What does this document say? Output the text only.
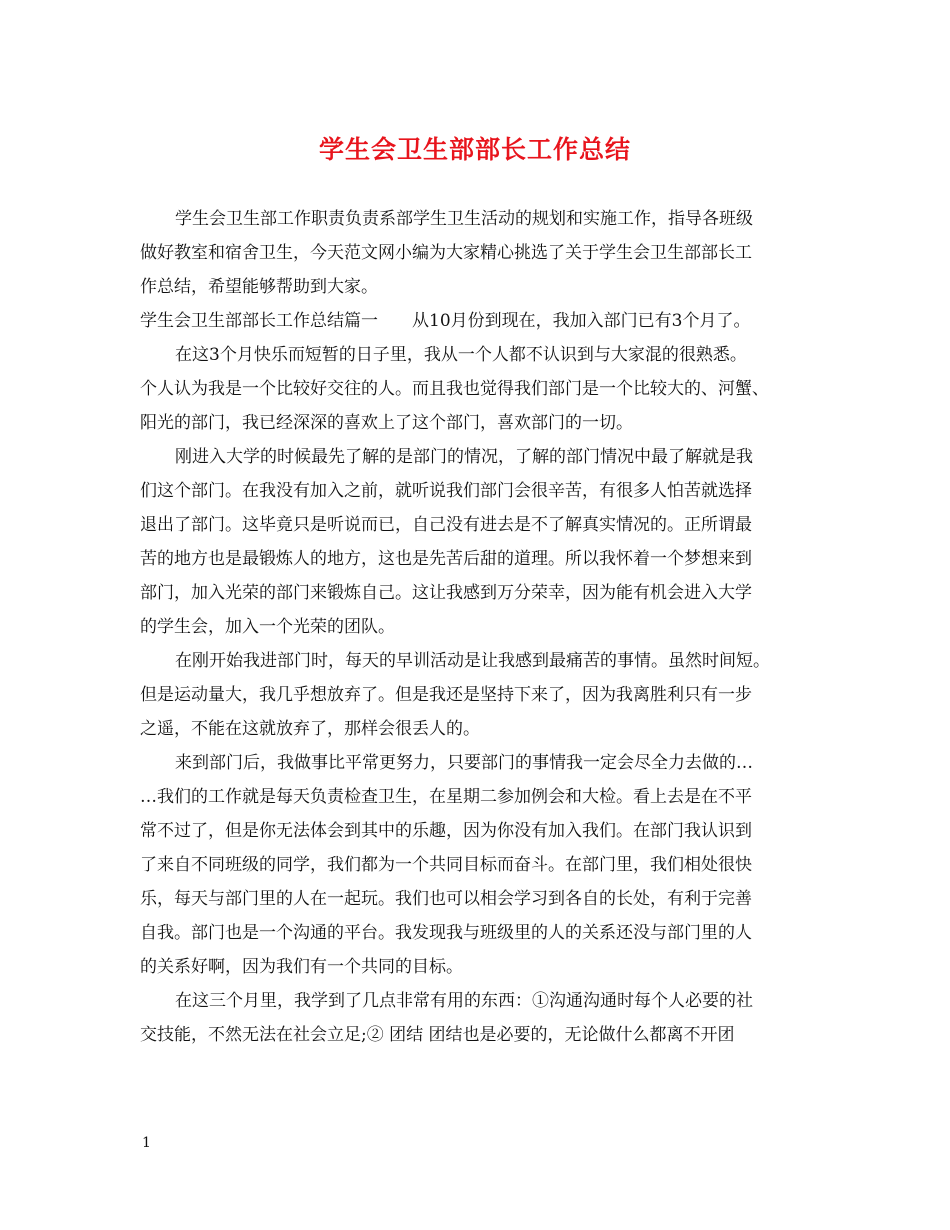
学生会卫生部部长工作总结
学生会卫生部工作职责负责系部学生卫生活动的规划和实施工作，指导各班级
做好教室和宿舍卫生，今天范文网小编为大家精心挑选了关于学生会卫生部部长工
作总结，希望能够帮助到大家。
学生会卫生部部长工作总结篇一　　从10月份到现在，我加入部门已有3个月了。
在这3个月快乐而短暂的日子里，我从一个人都不认识到与大家混的很熟悉。
个人认为我是一个比较好交往的人。而且我也觉得我们部门是一个比较大的、河蟹、
阳光的部门，我已经深深的喜欢上了这个部门，喜欢部门的一切。
刚进入大学的时候最先了解的是部门的情况，了解的部门情况中最了解就是我
们这个部门。在我没有加入之前，就听说我们部门会很辛苦，有很多人怕苦就选择
退出了部门。这毕竟只是听说而已，自己没有进去是不了解真实情况的。正所谓最
苦的地方也是最锻炼人的地方，这也是先苦后甜的道理。所以我怀着一个梦想来到
部门，加入光荣的部门来锻炼自己。这让我感到万分荣幸，因为能有机会进入大学
的学生会，加入一个光荣的团队。
在刚开始我进部门时，每天的早训活动是让我感到最痛苦的事情。虽然时间短。
但是运动量大，我几乎想放弃了。但是我还是坚持下来了，因为我离胜利只有一步
之遥，不能在这就放弃了，那样会很丢人的。
来到部门后，我做事比平常更努力，只要部门的事情我一定会尽全力去做的…
…我们的工作就是每天负责检查卫生，在星期二参加例会和大检。看上去是在不平
常不过了，但是你无法体会到其中的乐趣，因为你没有加入我们。在部门我认识到
了来自不同班级的同学，我们都为一个共同目标而奋斗。在部门里，我们相处很快
乐，每天与部门里的人在一起玩。我们也可以相会学习到各自的长处，有利于完善
自我。部门也是一个沟通的平台。我发现我与班级里的人的关系还没与部门里的人
的关系好啊，因为我们有一个共同的目标。
在这三个月里，我学到了几点非常有用的东西：①沟通沟通时每个人必要的社
交技能，不然无法在社会立足;② 团结 团结也是必要的，无论做什么都离不开团
1
